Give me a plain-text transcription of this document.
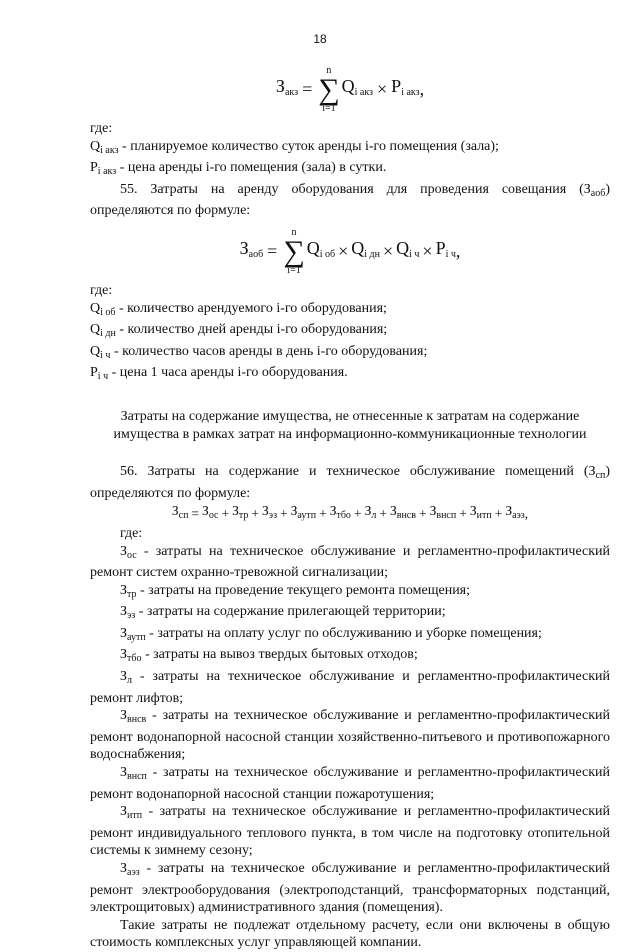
18
$З_{акз}$ =
n
∑
i=1
$Q_{i акз} \times P_{i акз}$ ,

где:

$Q_{i акз}$ - планируемое количество суток аренды i-го помещения (зала);

$P_{i акз}$ - цена аренды i-го помещения (зала) в сутки.

55. Затраты на аренду оборудования для проведения совещания $(З_{аоб})$ определяются по формуле:

$З_{аоб}$ =
n
∑
i=1
$Q_{i об} \times Q_{i дн} \times Q_{i ч} \times P_{i ч}$ ,

где:

$Q_{i об}$ - количество арендуемого i-го оборудования;

$Q_{i дн}$ - количество дней аренды i-го оборудования;

$Q_{i ч}$ - количество часов аренды в день i-го оборудования;

$P_{i ч}$ - цена 1 часа аренды i-го оборудования.

Затраты на содержание имущества, не отнесенные к затратам на содержание имущества в рамках затрат на информационно-коммуникационные технологии

56. Затраты на содержание и техническое обслуживание помещений $(З_{сп})$ определяются по формуле:

$З_{сп} = З_{ос} + З_{тр} + З_{эз} + З_{аутп} + З_{тбо} + З_л + З_{внсв} + З_{внсп} + З_{итп} + З_{аэз}$ ,

где:

$З_{ос}$ - затраты на техническое обслуживание и регламентно-профилактический ремонт систем охранно-тревожной сигнализации;

$З_{тр}$ - затраты на проведение текущего ремонта помещения;

$З_{эз}$ - затраты на содержание прилегающей территории;

$З_{аутп}$ - затраты на оплату услуг по обслуживанию и уборке помещения;

$З_{тбо}$ - затраты на вывоз твердых бытовых отходов;

$З_л$ - затраты на техническое обслуживание и регламентно-профилактический ремонт лифтов;

$З_{внсв}$ - затраты на техническое обслуживание и регламентно-профилактический ремонт водонапорной насосной станции хозяйственно-питьевого и противопожарного водоснабжения;

$З_{внсп}$ - затраты на техническое обслуживание и регламентно-профилактический ремонт водонапорной насосной станции пожаротушения;

$З_{итп}$ - затраты на техническое обслуживание и регламентно-профилактический ремонт индивидуального теплового пункта, в том числе на подготовку отопительной системы к зимнему сезону;

$З_{аэз}$ - затраты на техническое обслуживание и регламентно-профилактический ремонт электрооборудования (электроподстанций, трансформаторных подстанций, электрощитовых) административного здания (помещения).

Такие затраты не подлежат отдельному расчету, если они включены в общую стоимость комплексных услуг управляющей компании.
